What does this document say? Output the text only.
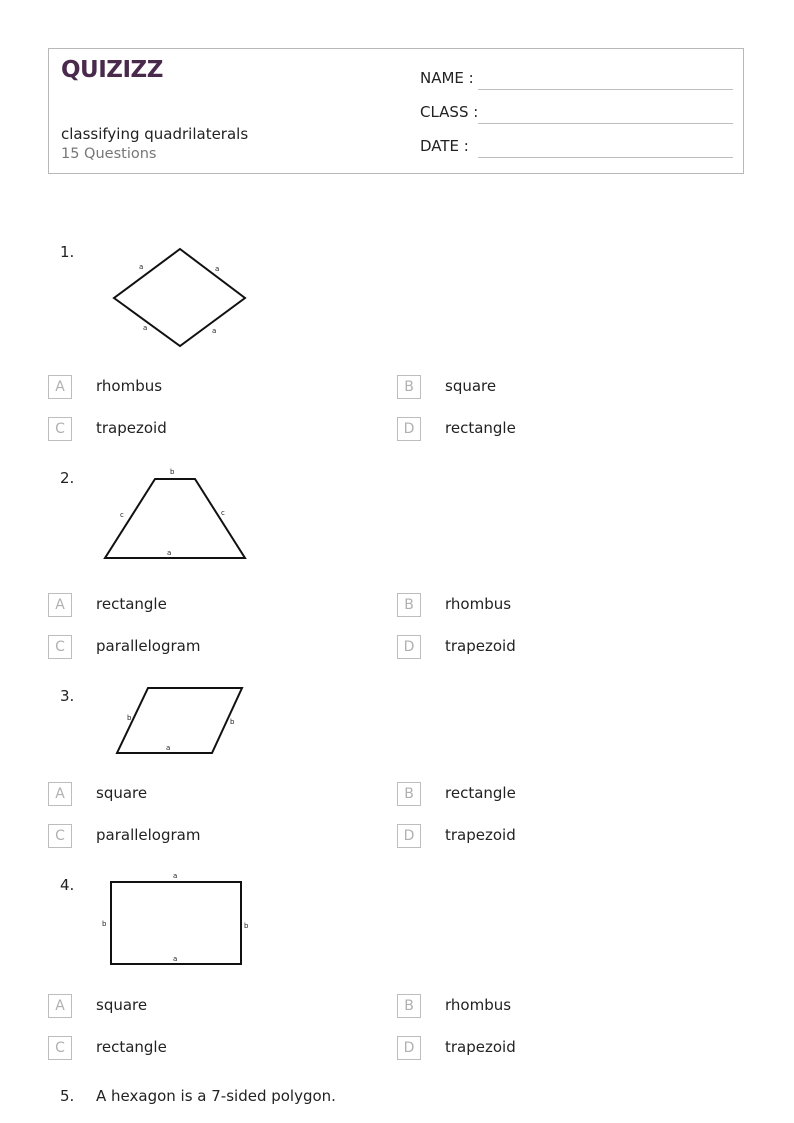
QUIZIZZ
classifying quadrilaterals
15 Questions
NAME :
CLASS :
DATE :
1.
a	a
a	a
A	rhombus	B	square
C	trapezoid	D	rectangle
2.	b
c	c
a
A	rectangle	B	rhombus
C	parallelogram	D	trapezoid
3.
b	b
a
A	square	B	rectangle
C	parallelogram	D	trapezoid
4.	a
b	b
a
A	square	B	rhombus
C	rectangle	D	trapezoid
5. A hexagon is a 7-sided polygon.
